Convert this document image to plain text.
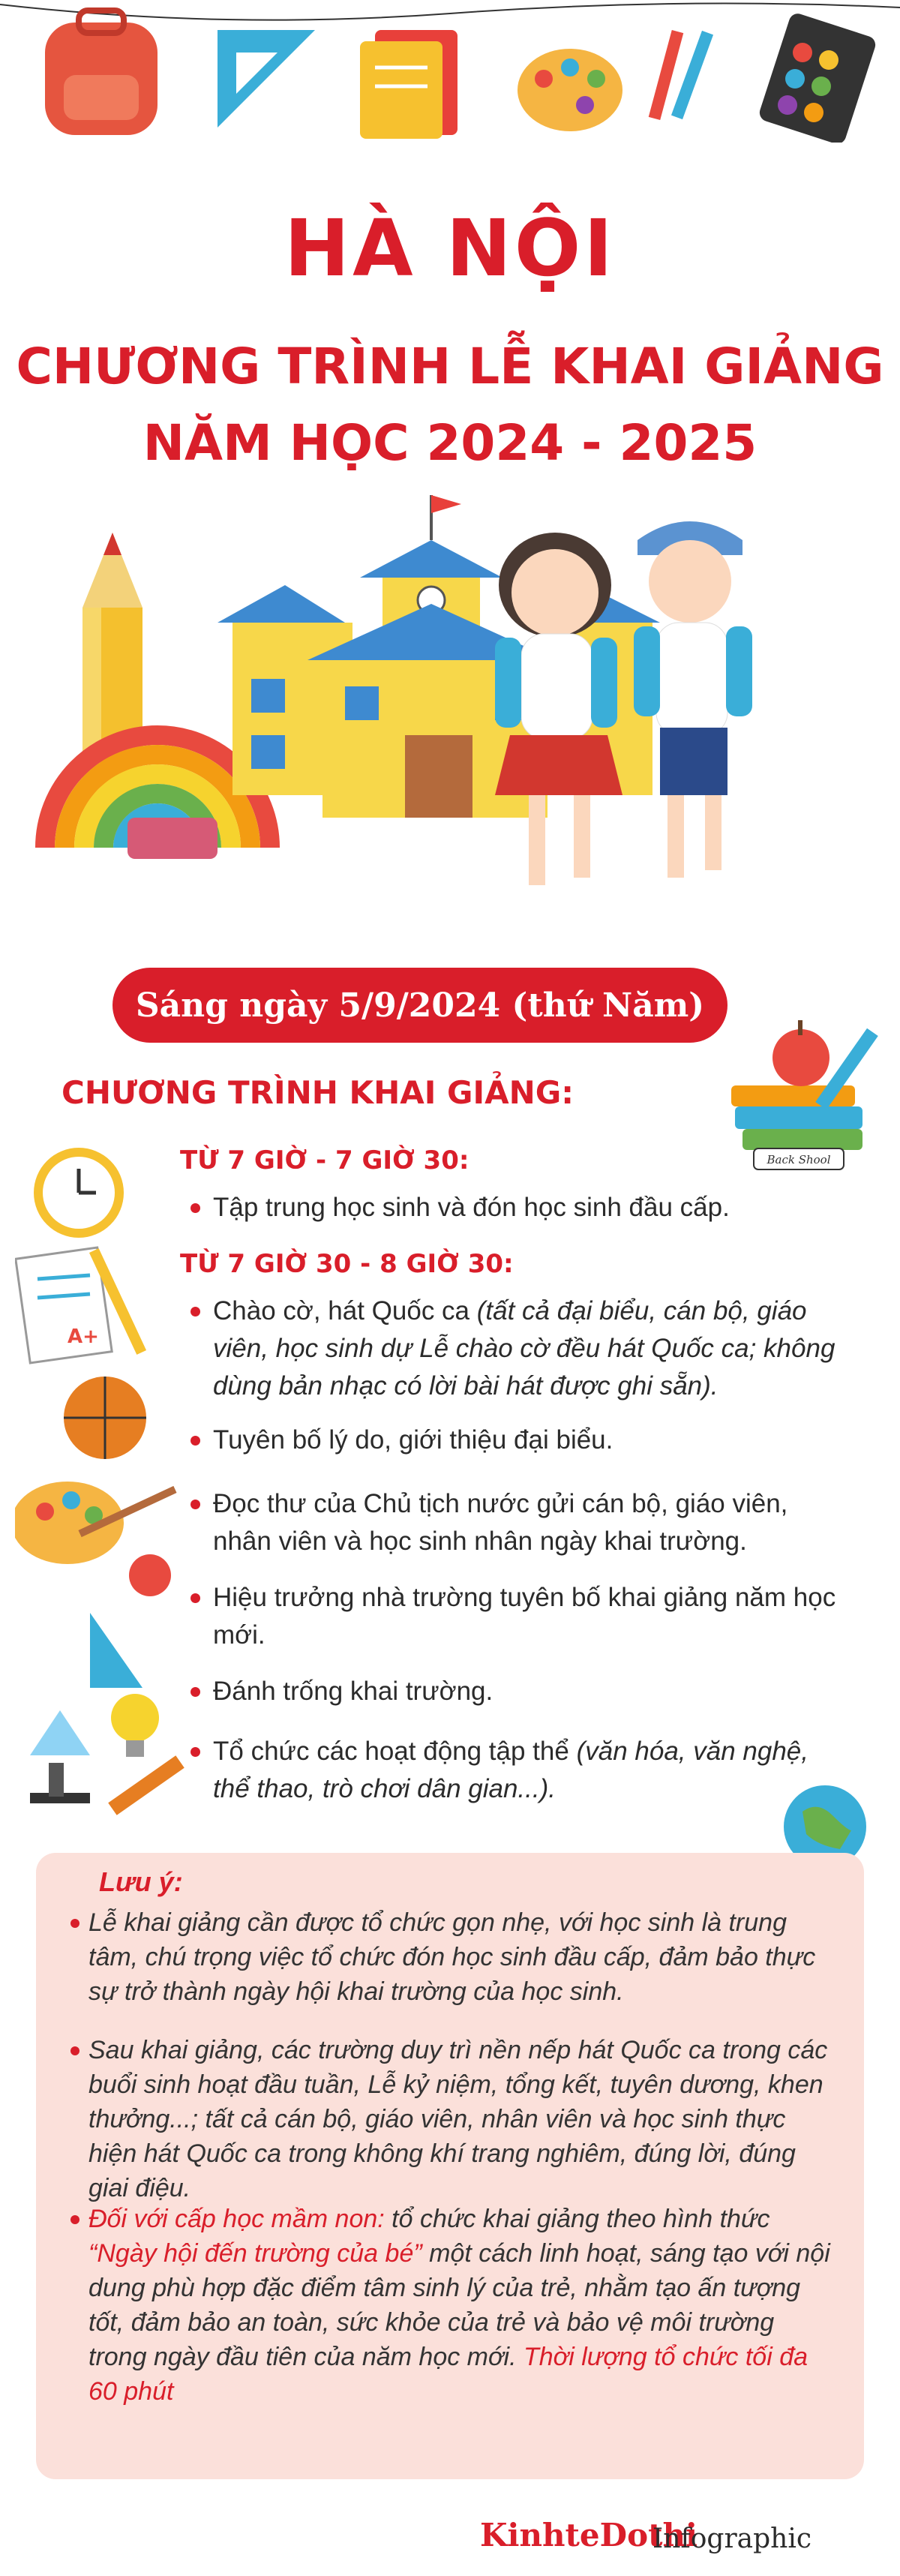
HÀ NỘI
CHƯƠNG TRÌNH LỄ KHAI GIẢNG
NĂM HỌC 2024 - 2025
Sáng ngày 5/9/2024 (thứ Năm)
Back Shool
CHƯƠNG TRÌNH KHAI GIẢNG:
A+
TỪ 7 GIỜ - 7 GIỜ 30:
Tập trung học sinh và đón học sinh đầu cấp.
TỪ 7 GIỜ 30 - 8 GIỜ 30:
Chào cờ, hát Quốc ca (tất cả đại biểu, cán bộ, giáo viên, học sinh dự Lễ chào cờ đều hát Quốc ca; không dùng bản nhạc có lời bài hát được ghi sẵn).
Tuyên bố lý do, giới thiệu đại biểu.
Đọc thư của Chủ tịch nước gửi cán bộ, giáo viên, nhân viên và học sinh nhân ngày khai trường.
Hiệu trưởng nhà trường tuyên bố khai giảng năm học mới.
Đánh trống khai trường.
Tổ chức các hoạt động tập thể (văn hóa, văn nghệ, thể thao, trò chơi dân gian...).
Lưu ý:
Lễ khai giảng cần được tổ chức gọn nhẹ, với học sinh là trung tâm, chú trọng việc tổ chức đón học sinh đầu cấp, đảm bảo thực sự trở thành ngày hội khai trường của học sinh.
Sau khai giảng, các trường duy trì nền nếp hát Quốc ca trong các buổi sinh hoạt đầu tuần, Lễ kỷ niệm, tổng kết, tuyên dương, khen thưởng...; tất cả cán bộ, giáo viên, nhân viên và học sinh thực hiện hát Quốc ca trong không khí trang nghiêm, đúng lời, đúng giai điệu.
Đối với cấp học mầm non: tổ chức khai giảng theo hình thức “Ngày hội đến trường của bé” một cách linh hoạt, sáng tạo với nội dung phù hợp đặc điểm tâm sinh lý của trẻ, nhằm tạo ấn tượng tốt, đảm bảo an toàn, sức khỏe của trẻ và bảo vệ môi trường trong ngày đầu tiên của năm học mới. Thời lượng tổ chức tối đa 60 phút
KinhteDothi
Infographic
